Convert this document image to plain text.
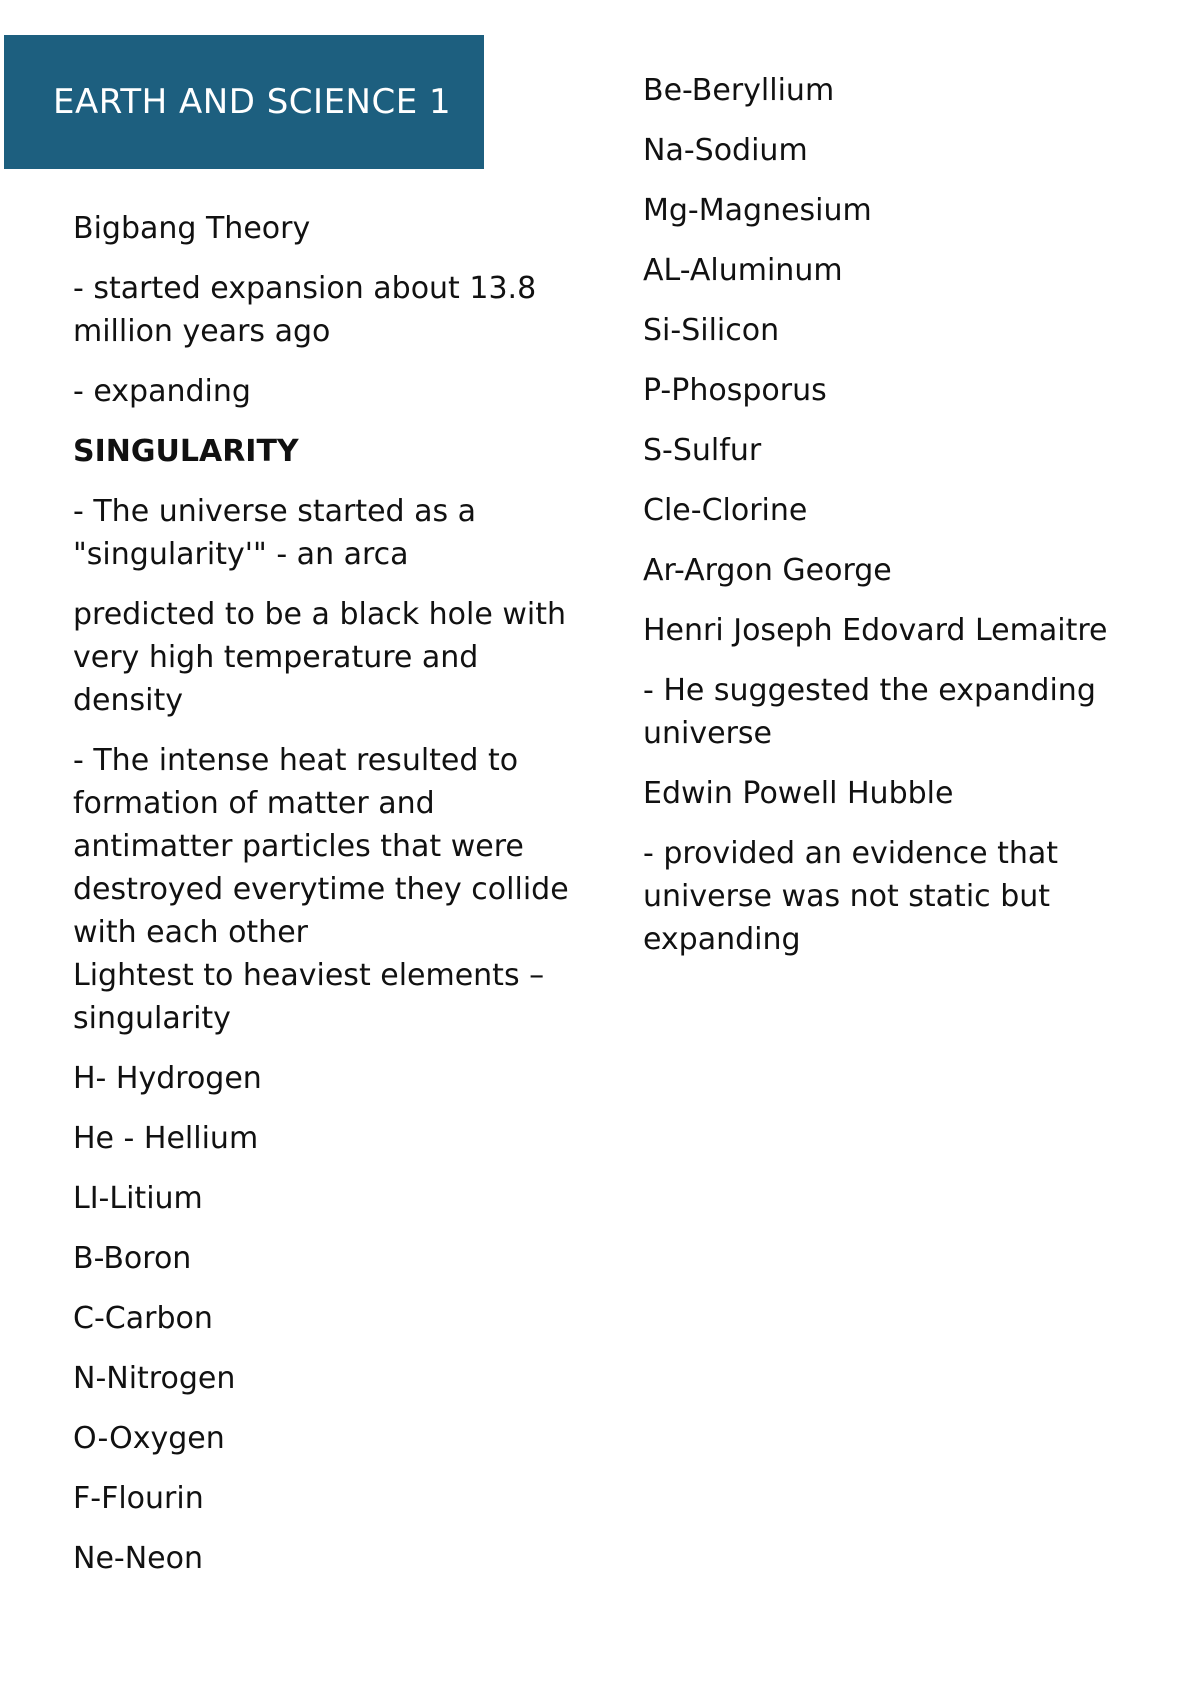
EARTH AND SCIENCE 1

Bigbang Theory

- started expansion about 13.8 million years ago

- expanding

SINGULARITY

- The universe started as a "singularity'" - an arca

predicted to be a black hole with very high temperature and density

- The intense heat resulted to formation of matter and antimatter particles that were destroyed everytime they collide with each other

Lightest to heaviest elements – singularity

H- Hydrogen

He - Hellium

LI-Litium

B-Boron

C-Carbon

N-Nitrogen

O-Oxygen

F-Flourin

Ne-Neon

Be-Beryllium

Na-Sodium

Mg-Magnesium

AL-Aluminum

Si-Silicon

P-Phosporus

S-Sulfur

Cle-Clorine

Ar-Argon George

Henri Joseph Edovard Lemaitre

- He suggested the expanding universe

Edwin Powell Hubble

- provided an evidence that universe was not static but expanding
